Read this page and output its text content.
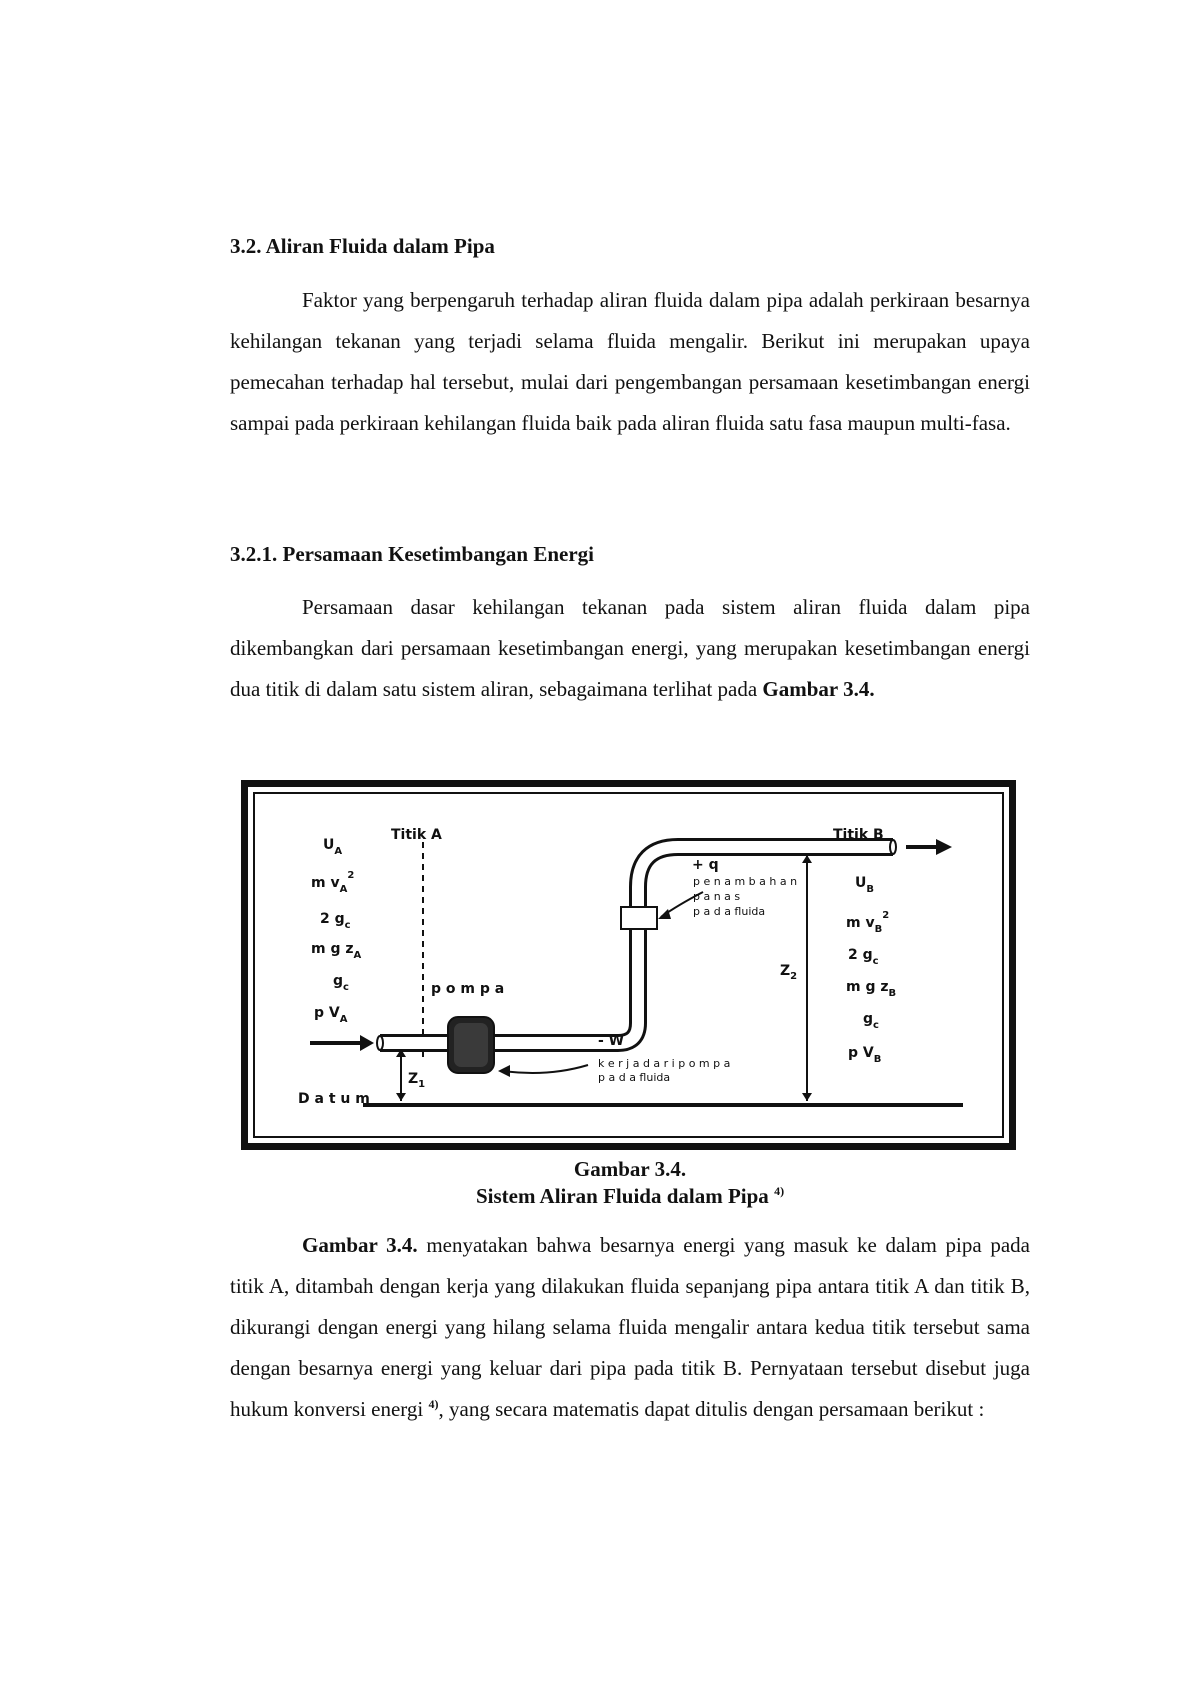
3.2. Aliran Fluida dalam Pipa

Faktor yang berpengaruh terhadap aliran fluida dalam pipa adalah perkiraan besarnya kehilangan tekanan yang terjadi selama fluida mengalir. Berikut ini merupakan upaya pemecahan terhadap hal tersebut, mulai dari pengembangan persamaan kesetimbangan energi sampai pada perkiraan kehilangan fluida baik pada aliran fluida satu fasa maupun multi-fasa.

3.2.1. Persamaan Kesetimbangan Energi

Persamaan dasar kehilangan tekanan pada sistem aliran fluida dalam pipa dikembangkan dari persamaan kesetimbangan energi, yang merupakan kesetimbangan energi dua titik di dalam satu sistem aliran, sebagaimana terlihat pada Gambar 3.4.

D a t u m
Titik A	Titik B
p o m p a
+ q
p e n a m b a h a n
p a n a s
p a d a fluida
- W
k e r j a d a r i p o m p a
p a d a fluida
$Z_1$
$Z_2$
$U_A$
m $v_A^2$
2 $g_c$
m g $z_A$
$g_c$
p $V_A$
$U_B$
m $v_B^2$
2 $g_c$
m g $z_B$
$g_c$
p $V_B$

Gambar 3.4.

Sistem Aliran Fluida dalam Pipa $^{4)}$

Gambar 3.4. menyatakan bahwa besarnya energi yang masuk ke dalam pipa pada titik A, ditambah dengan kerja yang dilakukan fluida sepanjang pipa antara titik A dan titik B, dikurangi dengan energi yang hilang selama fluida mengalir antara kedua titik tersebut sama dengan besarnya energi yang keluar dari pipa pada titik B. Pernyataan tersebut disebut juga hukum konversi energi $^{4)}$, yang secara matematis dapat ditulis dengan persamaan berikut :
